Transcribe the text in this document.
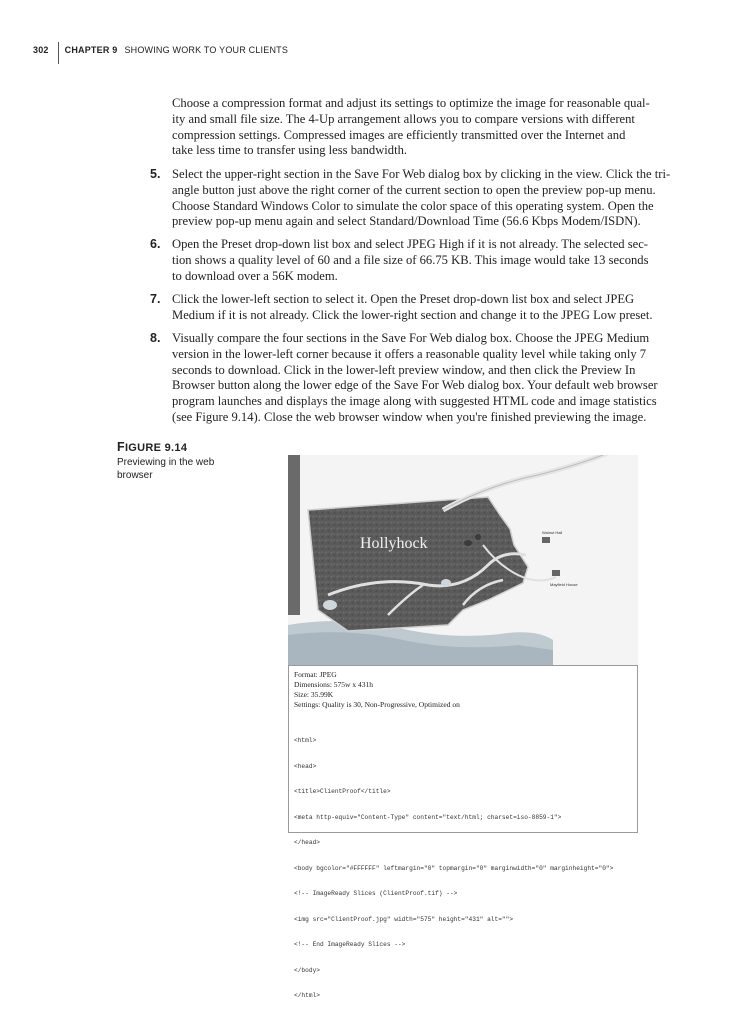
302 CHAPTER 9 SHOWING WORK TO YOUR CLIENTS
Choose a compression format and adjust its settings to optimize the image for reasonable qual-
ity and small file size. The 4-Up arrangement allows you to compare versions with different
compression settings. Compressed images are efficiently transmitted over the Internet and
take less time to transfer using less bandwidth.
5. Select the upper-right section in the Save For Web dialog box by clicking in the view. Click the tri-
angle button just above the right corner of the current section to open the preview pop-up menu.
Choose Standard Windows Color to simulate the color space of this operating system. Open the
preview pop-up menu again and select Standard/Download Time (56.6 Kbps Modem/ISDN).
6. Open the Preset drop-down list box and select JPEG High if it is not already. The selected sec-
tion shows a quality level of 60 and a file size of 66.75 KB. This image would take 13 seconds
to download over a 56K modem.
7. Click the lower-left section to select it. Open the Preset drop-down list box and select JPEG
Medium if it is not already. Click the lower-right section and change it to the JPEG Low preset.
8. Visually compare the four sections in the Save For Web dialog box. Choose the JPEG Medium
version in the lower-left corner because it offers a reasonable quality level while taking only 7
seconds to download. Click in the lower-left preview window, and then click the Preview In
Browser button along the lower edge of the Save For Web dialog box. Your default web browser
program launches and displays the image along with suggested HTML code and image statistics
(see Figure 9.14). Close the web browser window when you're finished previewing the image.
FIGURE 9.14
Previewing in the web
browser
Hollyhock
Walnut Hall
Mayfield House
Format: JPEG
Dimensions: 575w x 431h
Size: 35.99K
Settings: Quality is 30, Non-Progressive, Optimized on

<html>

<head>

<title>ClientProof</title>

<meta http-equiv="Content-Type" content="text/html; charset=iso-8859-1">

</head>

<body bgcolor="#FFFFFF" leftmargin="0" topmargin="0" marginwidth="0" marginheight="0">

<!-- ImageReady Slices (ClientProof.tif) -->

<img src="ClientProof.jpg" width="575" height="431" alt="">

<!-- End ImageReady Slices -->

</body>

</html>
